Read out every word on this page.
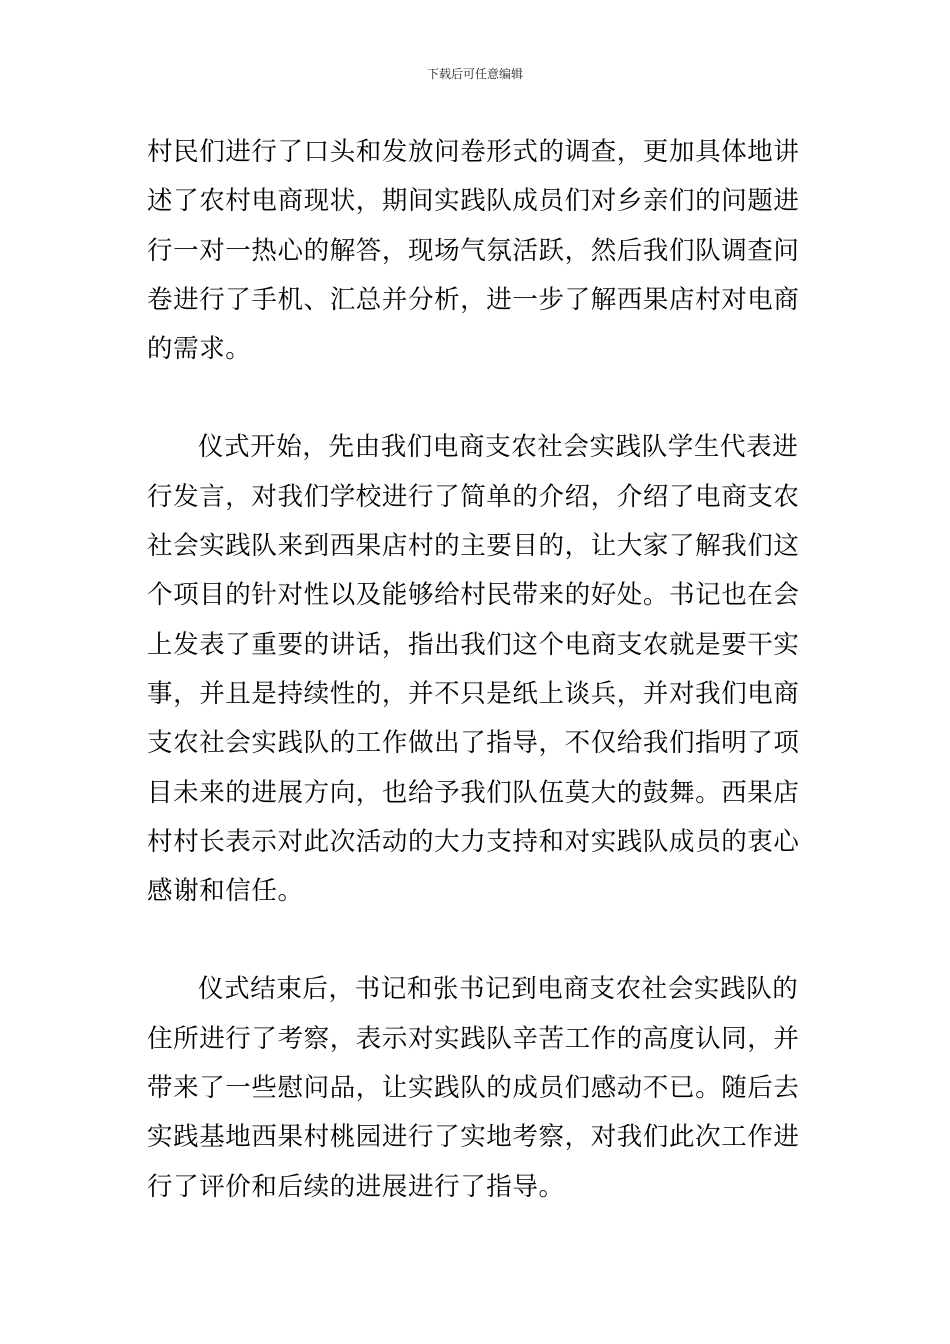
下载后可任意编辑

村民们进行了口头和发放问卷形式的调查，更加具体地讲述了农村电商现状，期间实践队成员们对乡亲们的问题进行一对一热心的解答，现场气氛活跃，然后我们队调查问卷进行了手机、汇总并分析，进一步了解西果店村对电商的需求。

仪式开始，先由我们电商支农社会实践队学生代表进行发言，对我们学校进行了简单的介绍，介绍了电商支农社会实践队来到西果店村的主要目的，让大家了解我们这个项目的针对性以及能够给村民带来的好处。书记也在会上发表了重要的讲话，指出我们这个电商支农就是要干实事，并且是持续性的，并不只是纸上谈兵，并对我们电商支农社会实践队的工作做出了指导，不仅给我们指明了项目未来的进展方向，也给予我们队伍莫大的鼓舞。西果店村村长表示对此次活动的大力支持和对实践队成员的衷心感谢和信任。

仪式结束后，书记和张书记到电商支农社会实践队的住所进行了考察，表示对实践队辛苦工作的高度认同，并带来了一些慰问品，让实践队的成员们感动不已。随后去实践基地西果村桃园进行了实地考察，对我们此次工作进行了评价和后续的进展进行了指导。
